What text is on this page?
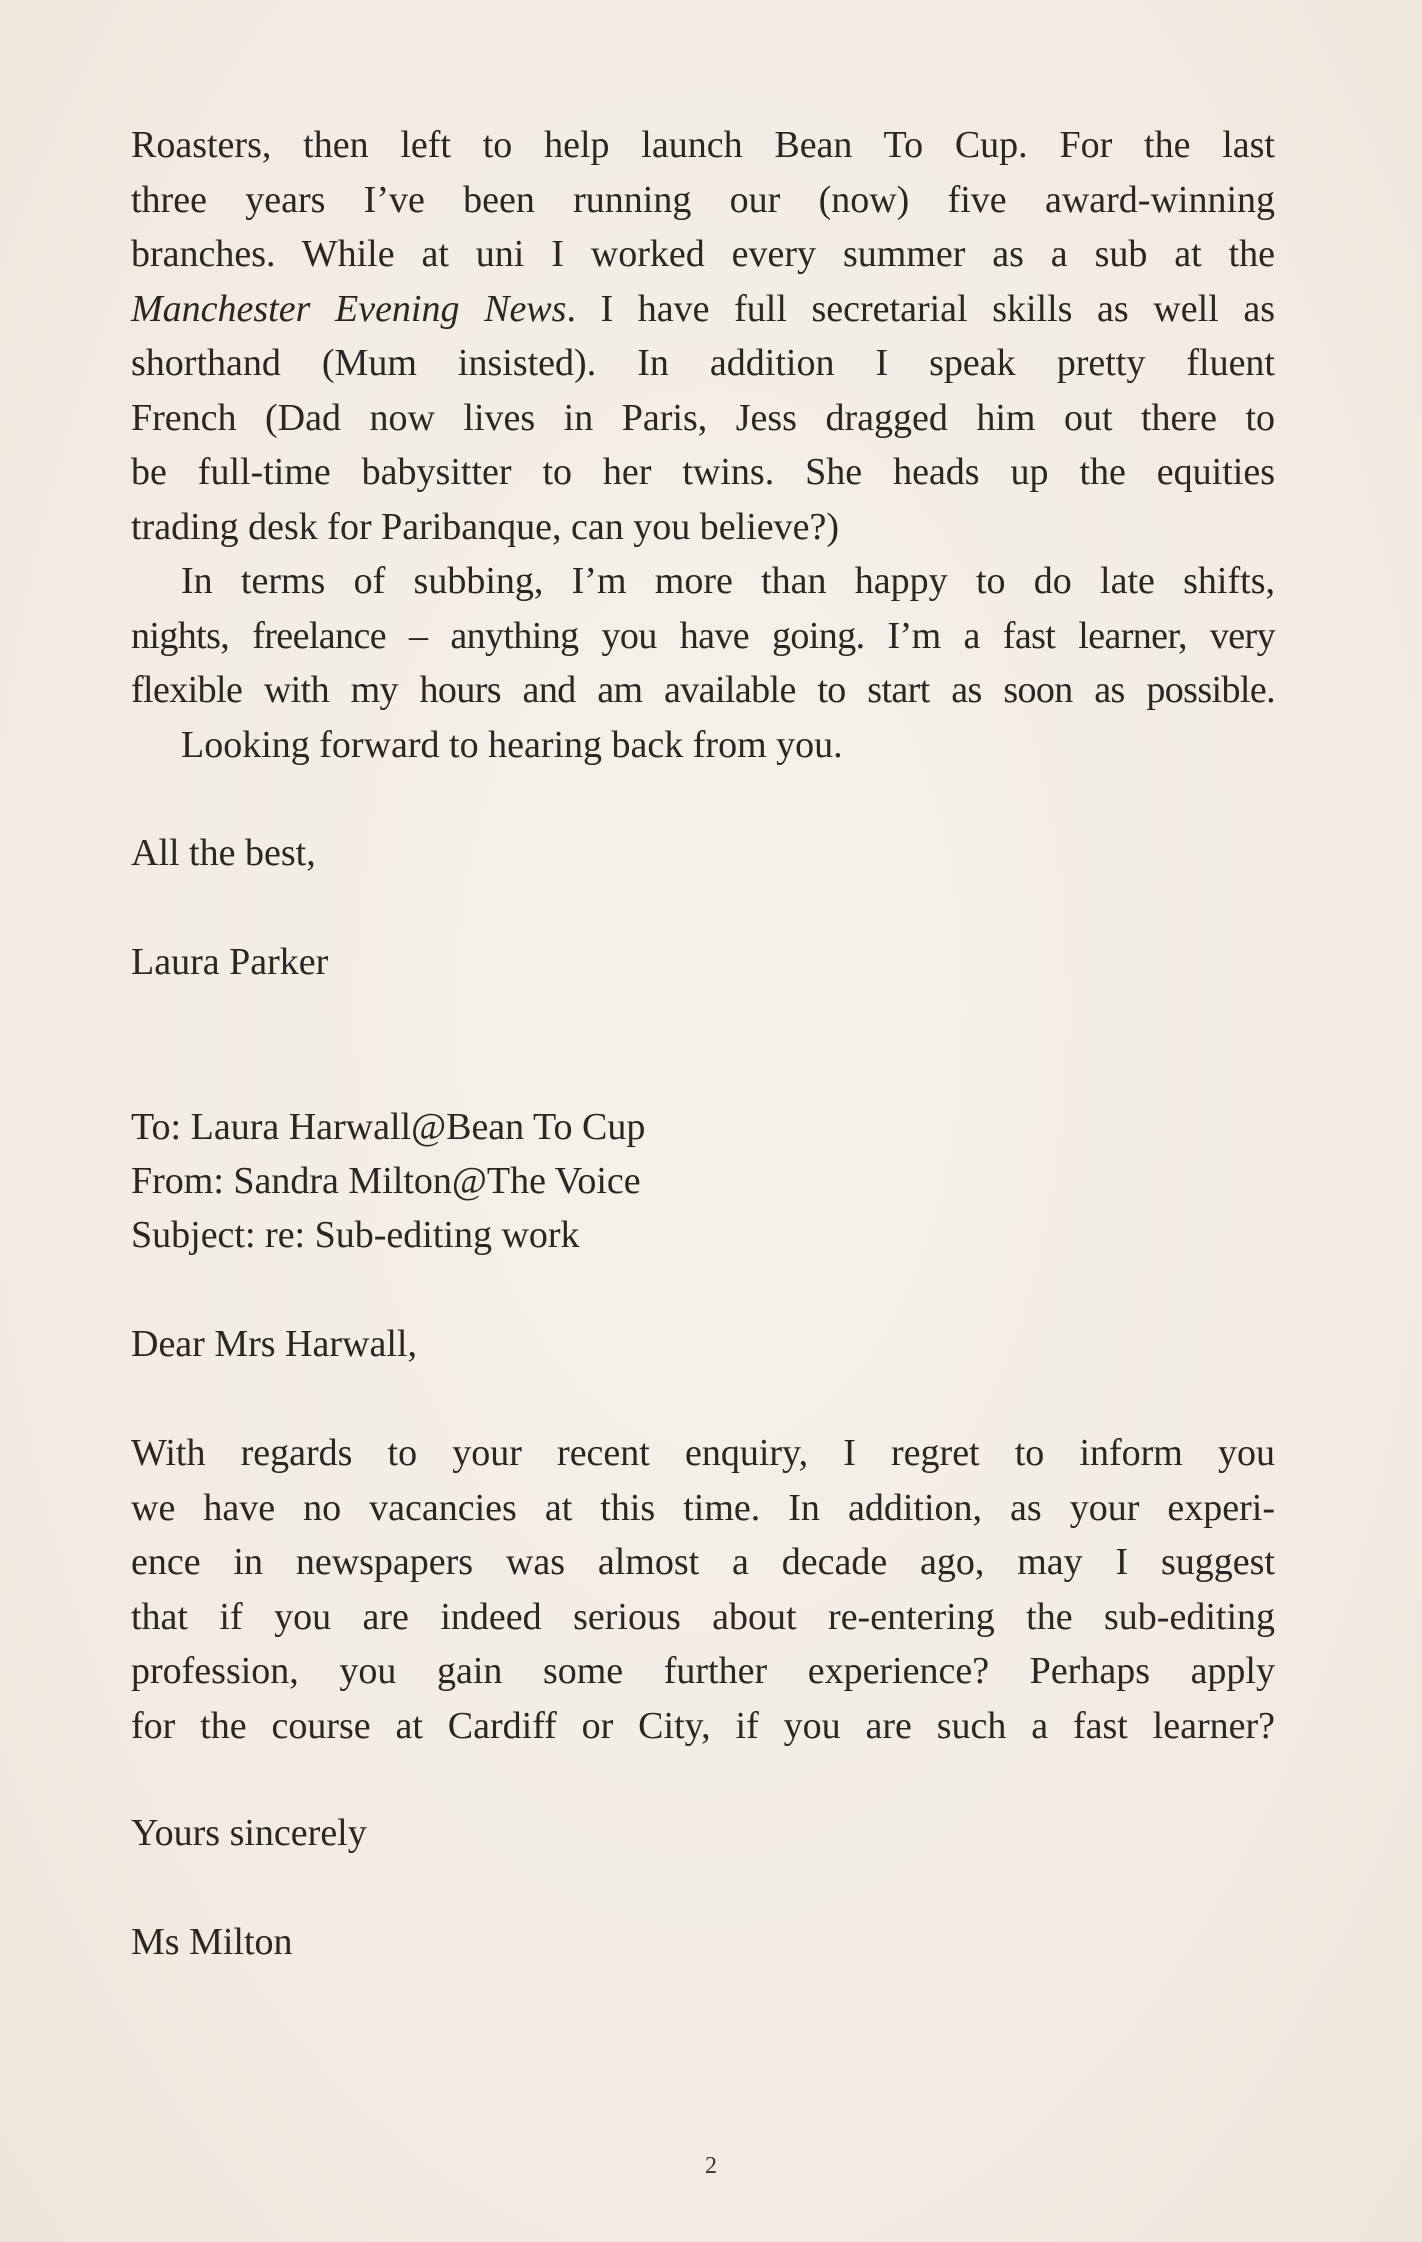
Roasters, then left to help launch Bean To Cup. For the last
three years I’ve been running our (now) five award-winning
branches. While at uni I worked every summer as a sub at the
Manchester Evening News. I have full secretarial skills as well as
shorthand (Mum insisted). In addition I speak pretty fluent
French (Dad now lives in Paris, Jess dragged him out there to
be full-time babysitter to her twins. She heads up the equities
trading desk for Paribanque, can you believe?)
In terms of subbing, I’m more than happy to do late shifts,
nights, freelance – anything you have going. I’m a fast learner, very
flexible with my hours and am available to start as soon as possible.
Looking forward to hearing back from you.
All the best,
Laura Parker
To: Laura Harwall@Bean To Cup
From: Sandra Milton@The Voice
Subject: re: Sub-editing work
Dear Mrs Harwall,
With regards to your recent enquiry, I regret to inform you
we have no vacancies at this time. In addition, as your experi-
ence in newspapers was almost a decade ago, may I suggest
that if you are indeed serious about re-entering the sub-editing
profession, you gain some further experience? Perhaps apply
for the course at Cardiff or City, if you are such a fast learner?
Yours sincerely
Ms Milton
2
